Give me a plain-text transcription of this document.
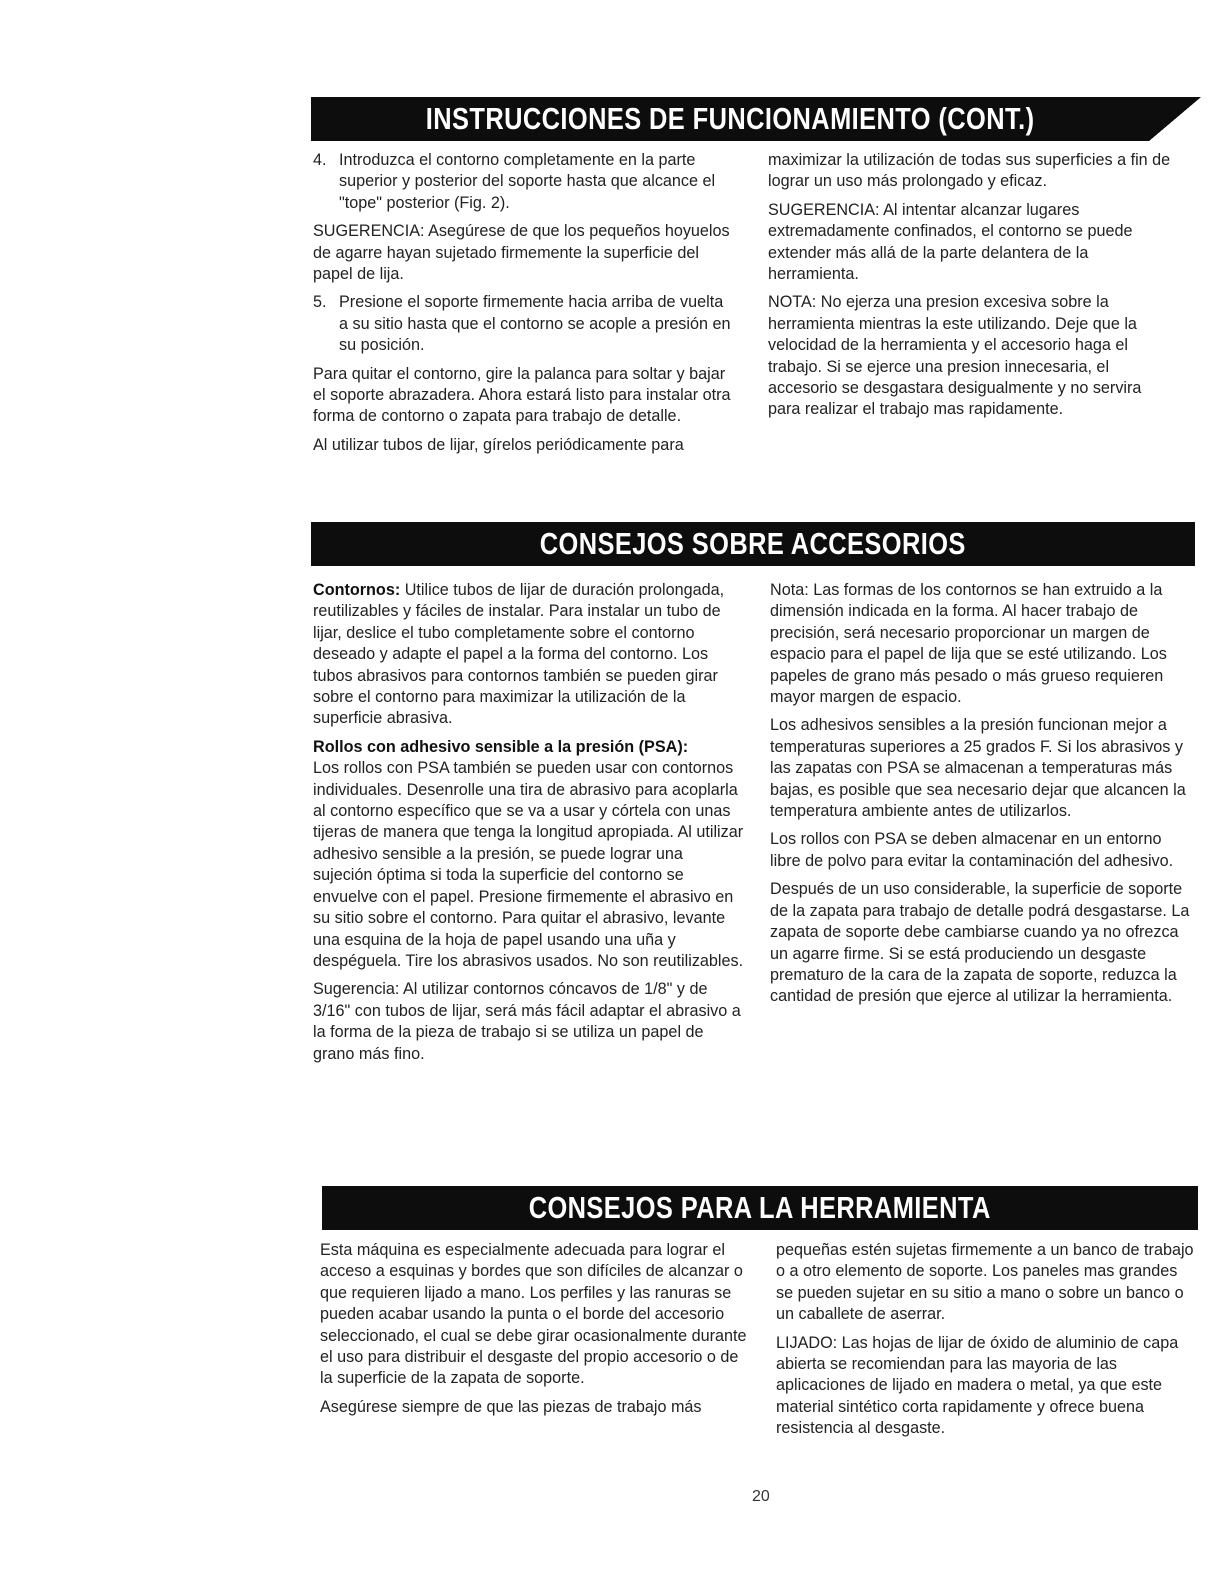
INSTRUCCIONES DE FUNCIONAMIENTO (CONT.)
4. Introduzca el contorno completamente en la parte superior y posterior del soporte hasta que alcance el "tope" posterior (Fig. 2).

SUGERENCIA: Asegúrese de que los pequeños hoyuelos de agarre hayan sujetado firmemente la superficie del papel de lija.

5. Presione el soporte firmemente hacia arriba de vuelta a su sitio hasta que el contorno se acople a presión en su posición.

Para quitar el contorno, gire la palanca para soltar y bajar el soporte abrazadera. Ahora estará listo para instalar otra forma de contorno o zapata para trabajo de detalle.

Al utilizar tubos de lijar, gírelos periódicamente para

maximizar la utilización de todas sus superficies a fin de lograr un uso más prolongado y eficaz.

SUGERENCIA: Al intentar alcanzar lugares extremadamente confinados, el contorno se puede extender más allá de la parte delantera de la herramienta.

NOTA: No ejerza una presion excesiva sobre la herramienta mientras la este utilizando. Deje que la velocidad de la herramienta y el accesorio haga el trabajo. Si se ejerce una presion innecesaria, el accesorio se desgastara desigualmente y no servira para realizar el trabajo mas rapidamente.

CONSEJOS SOBRE ACCESORIOS

Contornos: Utilice tubos de lijar de duración prolongada, reutilizables y fáciles de instalar. Para instalar un tubo de lijar, deslice el tubo completamente sobre el contorno deseado y adapte el papel a la forma del contorno. Los tubos abrasivos para contornos también se pueden girar sobre el contorno para maximizar la utilización de la superficie abrasiva.

Rollos con adhesivo sensible a la presión (PSA):
Los rollos con PSA también se pueden usar con contornos individuales. Desenrolle una tira de abrasivo para acoplarla al contorno específico que se va a usar y córtela con unas tijeras de manera que tenga la longitud apropiada. Al utilizar adhesivo sensible a la presión, se puede lograr una sujeción óptima si toda la superficie del contorno se envuelve con el papel. Presione firmemente el abrasivo en su sitio sobre el contorno. Para quitar el abrasivo, levante una esquina de la hoja de papel usando una uña y despéguela. Tire los abrasivos usados. No son reutilizables.

Sugerencia: Al utilizar contornos cóncavos de 1/8" y de 3/16" con tubos de lijar, será más fácil adaptar el abrasivo a la forma de la pieza de trabajo si se utiliza un papel de grano más fino.

Nota: Las formas de los contornos se han extruido a la dimensión indicada en la forma. Al hacer trabajo de precisión, será necesario proporcionar un margen de espacio para el papel de lija que se esté utilizando. Los papeles de grano más pesado o más grueso requieren mayor margen de espacio.

Los adhesivos sensibles a la presión funcionan mejor a temperaturas superiores a 25 grados F. Si los abrasivos y las zapatas con PSA se almacenan a temperaturas más bajas, es posible que sea necesario dejar que alcancen la temperatura ambiente antes de utilizarlos.

Los rollos con PSA se deben almacenar en un entorno libre de polvo para evitar la contaminación del adhesivo.

Después de un uso considerable, la superficie de soporte de la zapata para trabajo de detalle podrá desgastarse. La zapata de soporte debe cambiarse cuando ya no ofrezca un agarre firme. Si se está produciendo un desgaste prematuro de la cara de la zapata de soporte, reduzca la cantidad de presión que ejerce al utilizar la herramienta.

CONSEJOS PARA LA HERRAMIENTA

Esta máquina es especialmente adecuada para lograr el acceso a esquinas y bordes que son difíciles de alcanzar o que requieren lijado a mano. Los perfiles y las ranuras se pueden acabar usando la punta o el borde del accesorio seleccionado, el cual se debe girar ocasionalmente durante el uso para distribuir el desgaste del propio accesorio o de la superficie de la zapata de soporte.

Asegúrese siempre de que las piezas de trabajo más

pequeñas estén sujetas firmemente a un banco de trabajo o a otro elemento de soporte. Los paneles mas grandes se pueden sujetar en su sitio a mano o sobre un banco o un caballete de aserrar.

LIJADO: Las hojas de lijar de óxido de aluminio de capa abierta se recomiendan para las mayoria de las aplicaciones de lijado en madera o metal, ya que este material sintético corta rapidamente y ofrece buena resistencia al desgaste.

20
